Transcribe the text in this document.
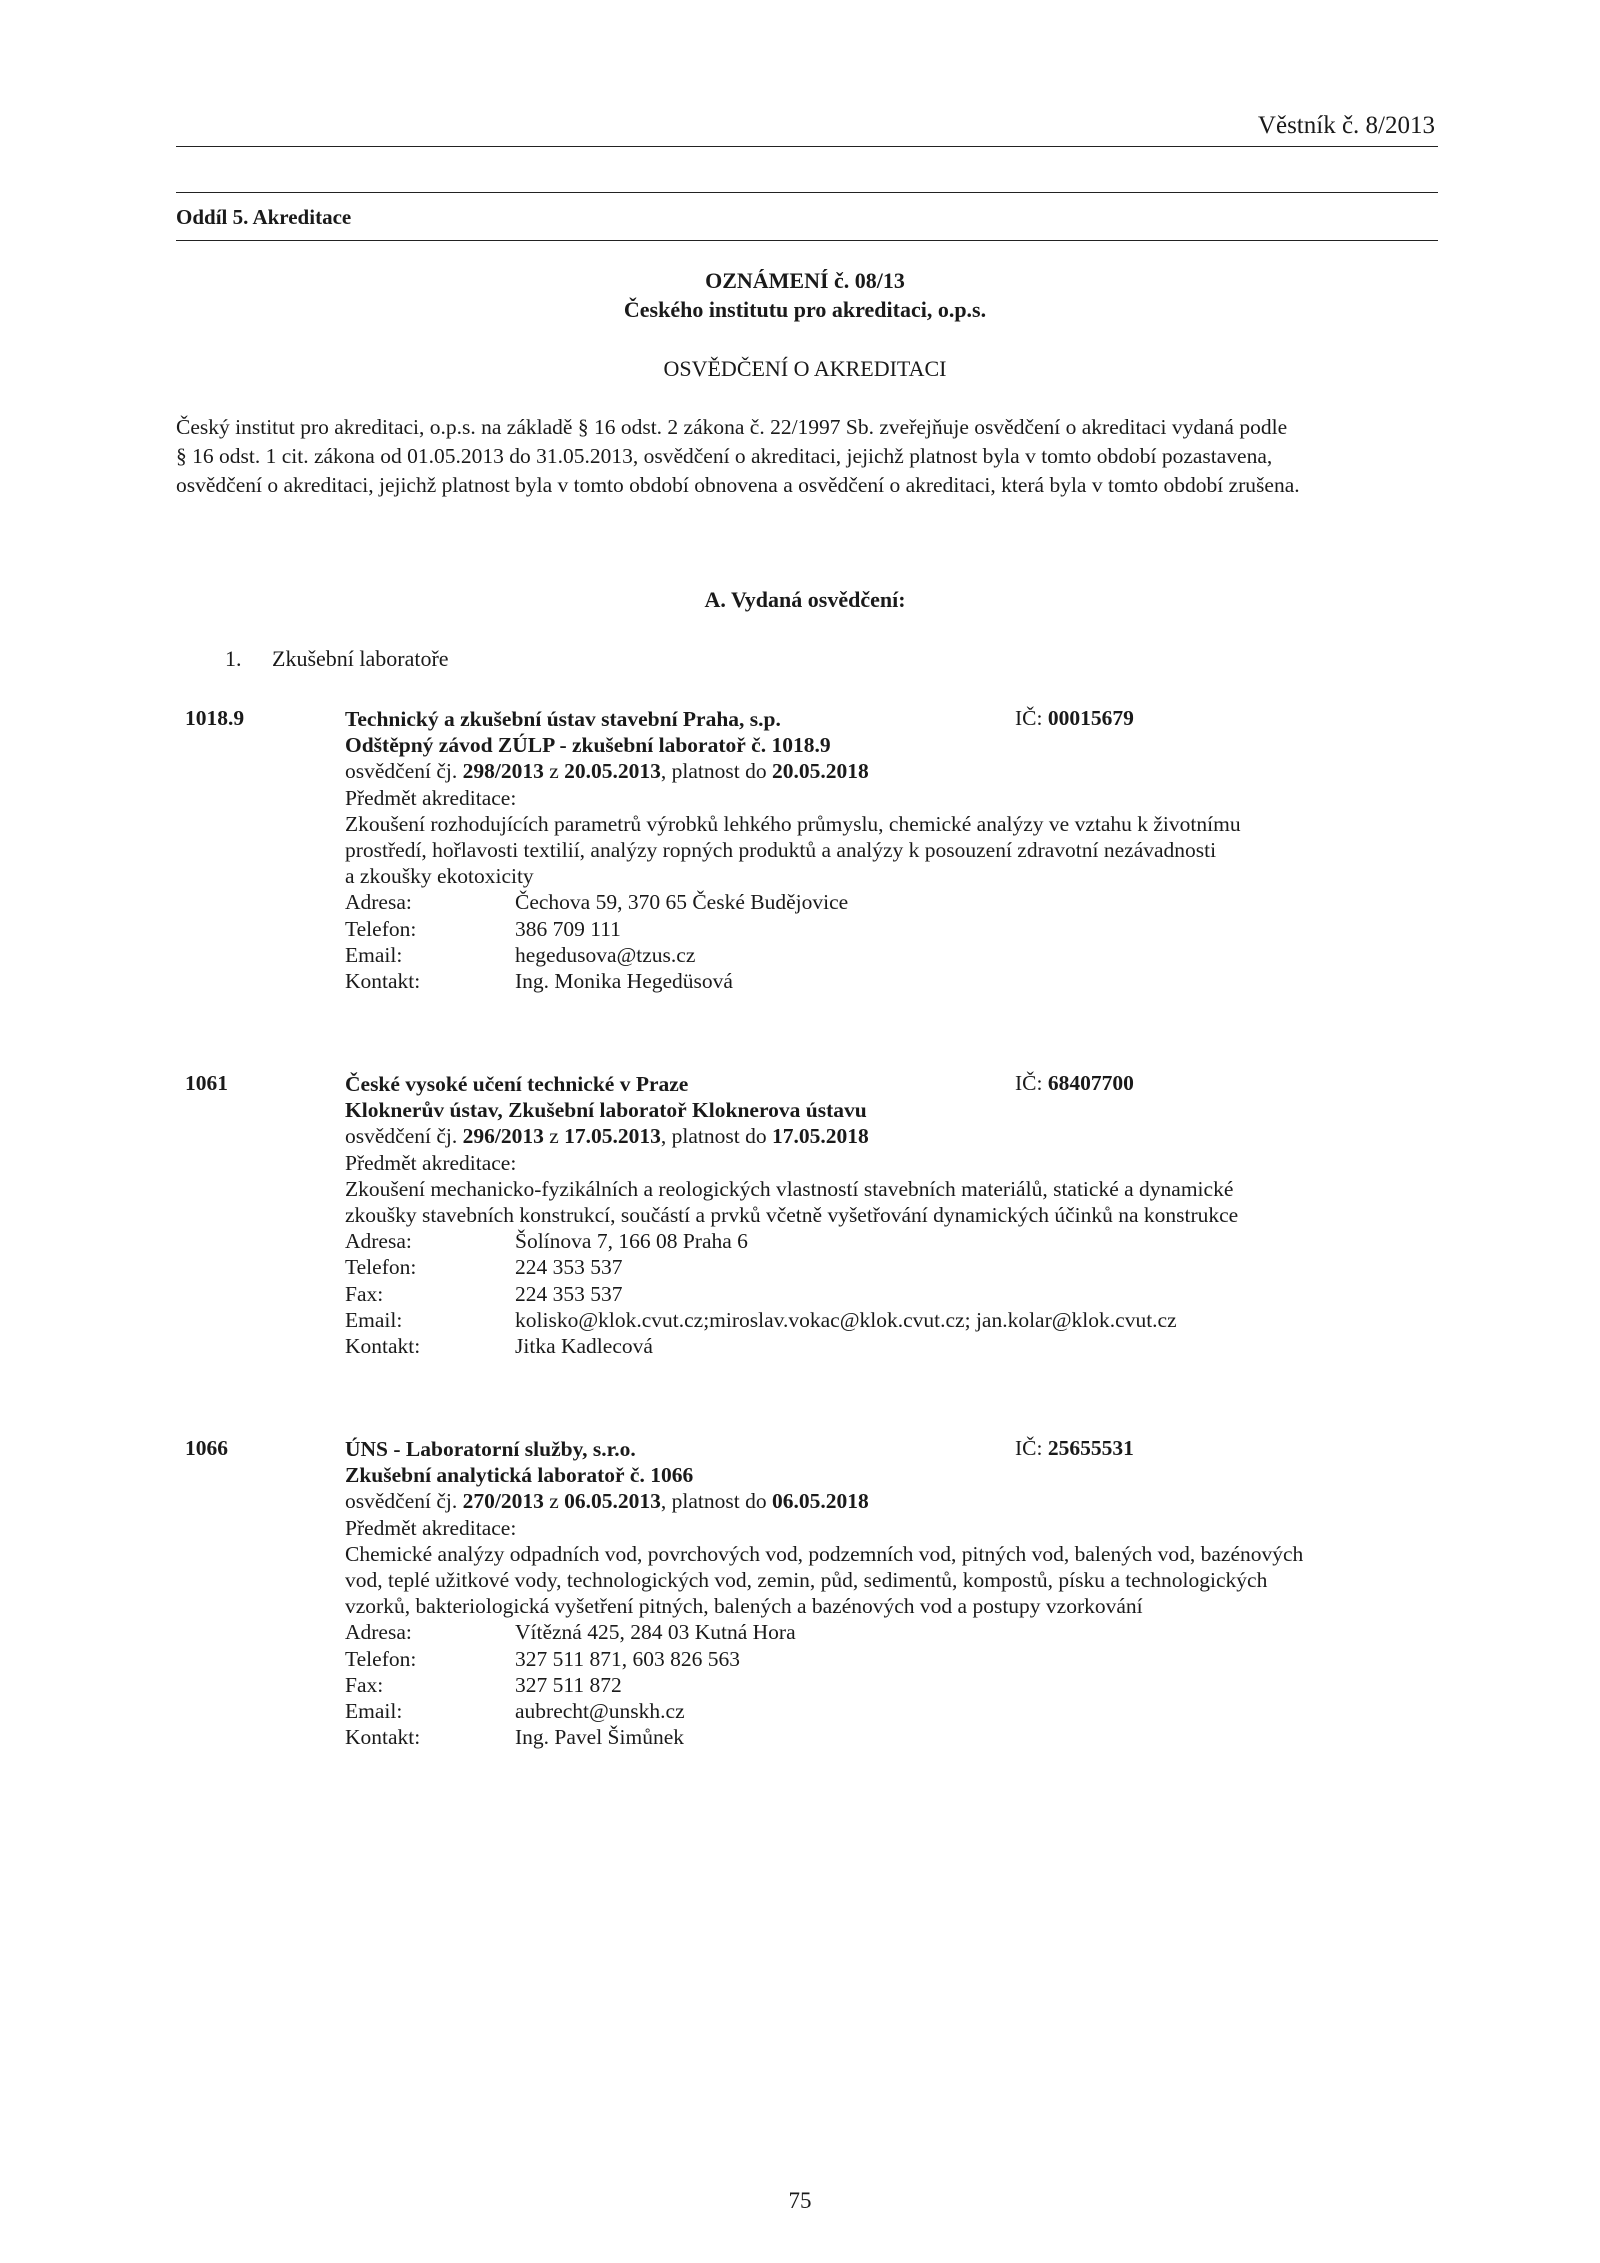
Věstník č. 8/2013
Oddíl 5. Akreditace
OZNÁMENÍ č. 08/13
Českého institutu pro akreditaci, o.p.s.
OSVĚDČENÍ O AKREDITACI

Český institut pro akreditaci, o.p.s. na základě § 16 odst. 2 zákona č. 22/1997 Sb. zveřejňuje osvědčení o akreditaci vydaná podle

§ 16 odst. 1 cit. zákona od 01.05.2013 do 31.05.2013, osvědčení o akreditaci, jejichž platnost byla v tomto období pozastavena,

osvědčení o akreditaci, jejichž platnost byla v tomto období obnovena a osvědčení o akreditaci, která byla v tomto období zrušena.

A. Vydaná osvědčení:
1. Zkušební laboratoře
1018.9	IČ: 00015679
Technický a zkušební ústav stavební Praha, s.p.
Odštěpný závod ZÚLP - zkušební laboratoř č. 1018.9
osvědčení čj. 298/2013 z 20.05.2013, platnost do 20.05.2018
Předmět akreditace:
Zkoušení rozhodujících parametrů výrobků lehkého průmyslu, chemické analýzy ve vztahu k životnímu
prostředí, hořlavosti textilií, analýzy ropných produktů a analýzy k posouzení zdravotní nezávadnosti
a zkoušky ekotoxicity
Adresa:	Čechova 59, 370 65 České Budějovice
Telefon:	386 709 111
Email:	hegedusova@tzus.cz
Kontakt:	Ing. Monika Hegedüsová
1061	IČ: 68407700
České vysoké učení technické v Praze
Kloknerův ústav, Zkušební laboratoř Kloknerova ústavu
osvědčení čj. 296/2013 z 17.05.2013, platnost do 17.05.2018
Předmět akreditace:
Zkoušení mechanicko-fyzikálních a reologických vlastností stavebních materiálů, statické a dynamické
zkoušky stavebních konstrukcí, součástí a prvků včetně vyšetřování dynamických účinků na konstrukce
Adresa:	Šolínova 7, 166 08 Praha 6
Telefon:	224 353 537
Fax:	224 353 537
Email:	kolisko@klok.cvut.cz;miroslav.vokac@klok.cvut.cz; jan.kolar@klok.cvut.cz
Kontakt:	Jitka Kadlecová
1066	IČ: 25655531
ÚNS - Laboratorní služby, s.r.o.
Zkušební analytická laboratoř č. 1066
osvědčení čj. 270/2013 z 06.05.2013, platnost do 06.05.2018
Předmět akreditace:
Chemické analýzy odpadních vod, povrchových vod, podzemních vod, pitných vod, balených vod, bazénových
vod, teplé užitkové vody, technologických vod, zemin, půd, sedimentů, kompostů, písku a technologických
vzorků, bakteriologická vyšetření pitných, balených a bazénových vod a postupy vzorkování
Adresa:	Vítězná 425, 284 03 Kutná Hora
Telefon:	327 511 871, 603 826 563
Fax:	327 511 872
Email:	aubrecht@unskh.cz
Kontakt:	Ing. Pavel Šimůnek
75
